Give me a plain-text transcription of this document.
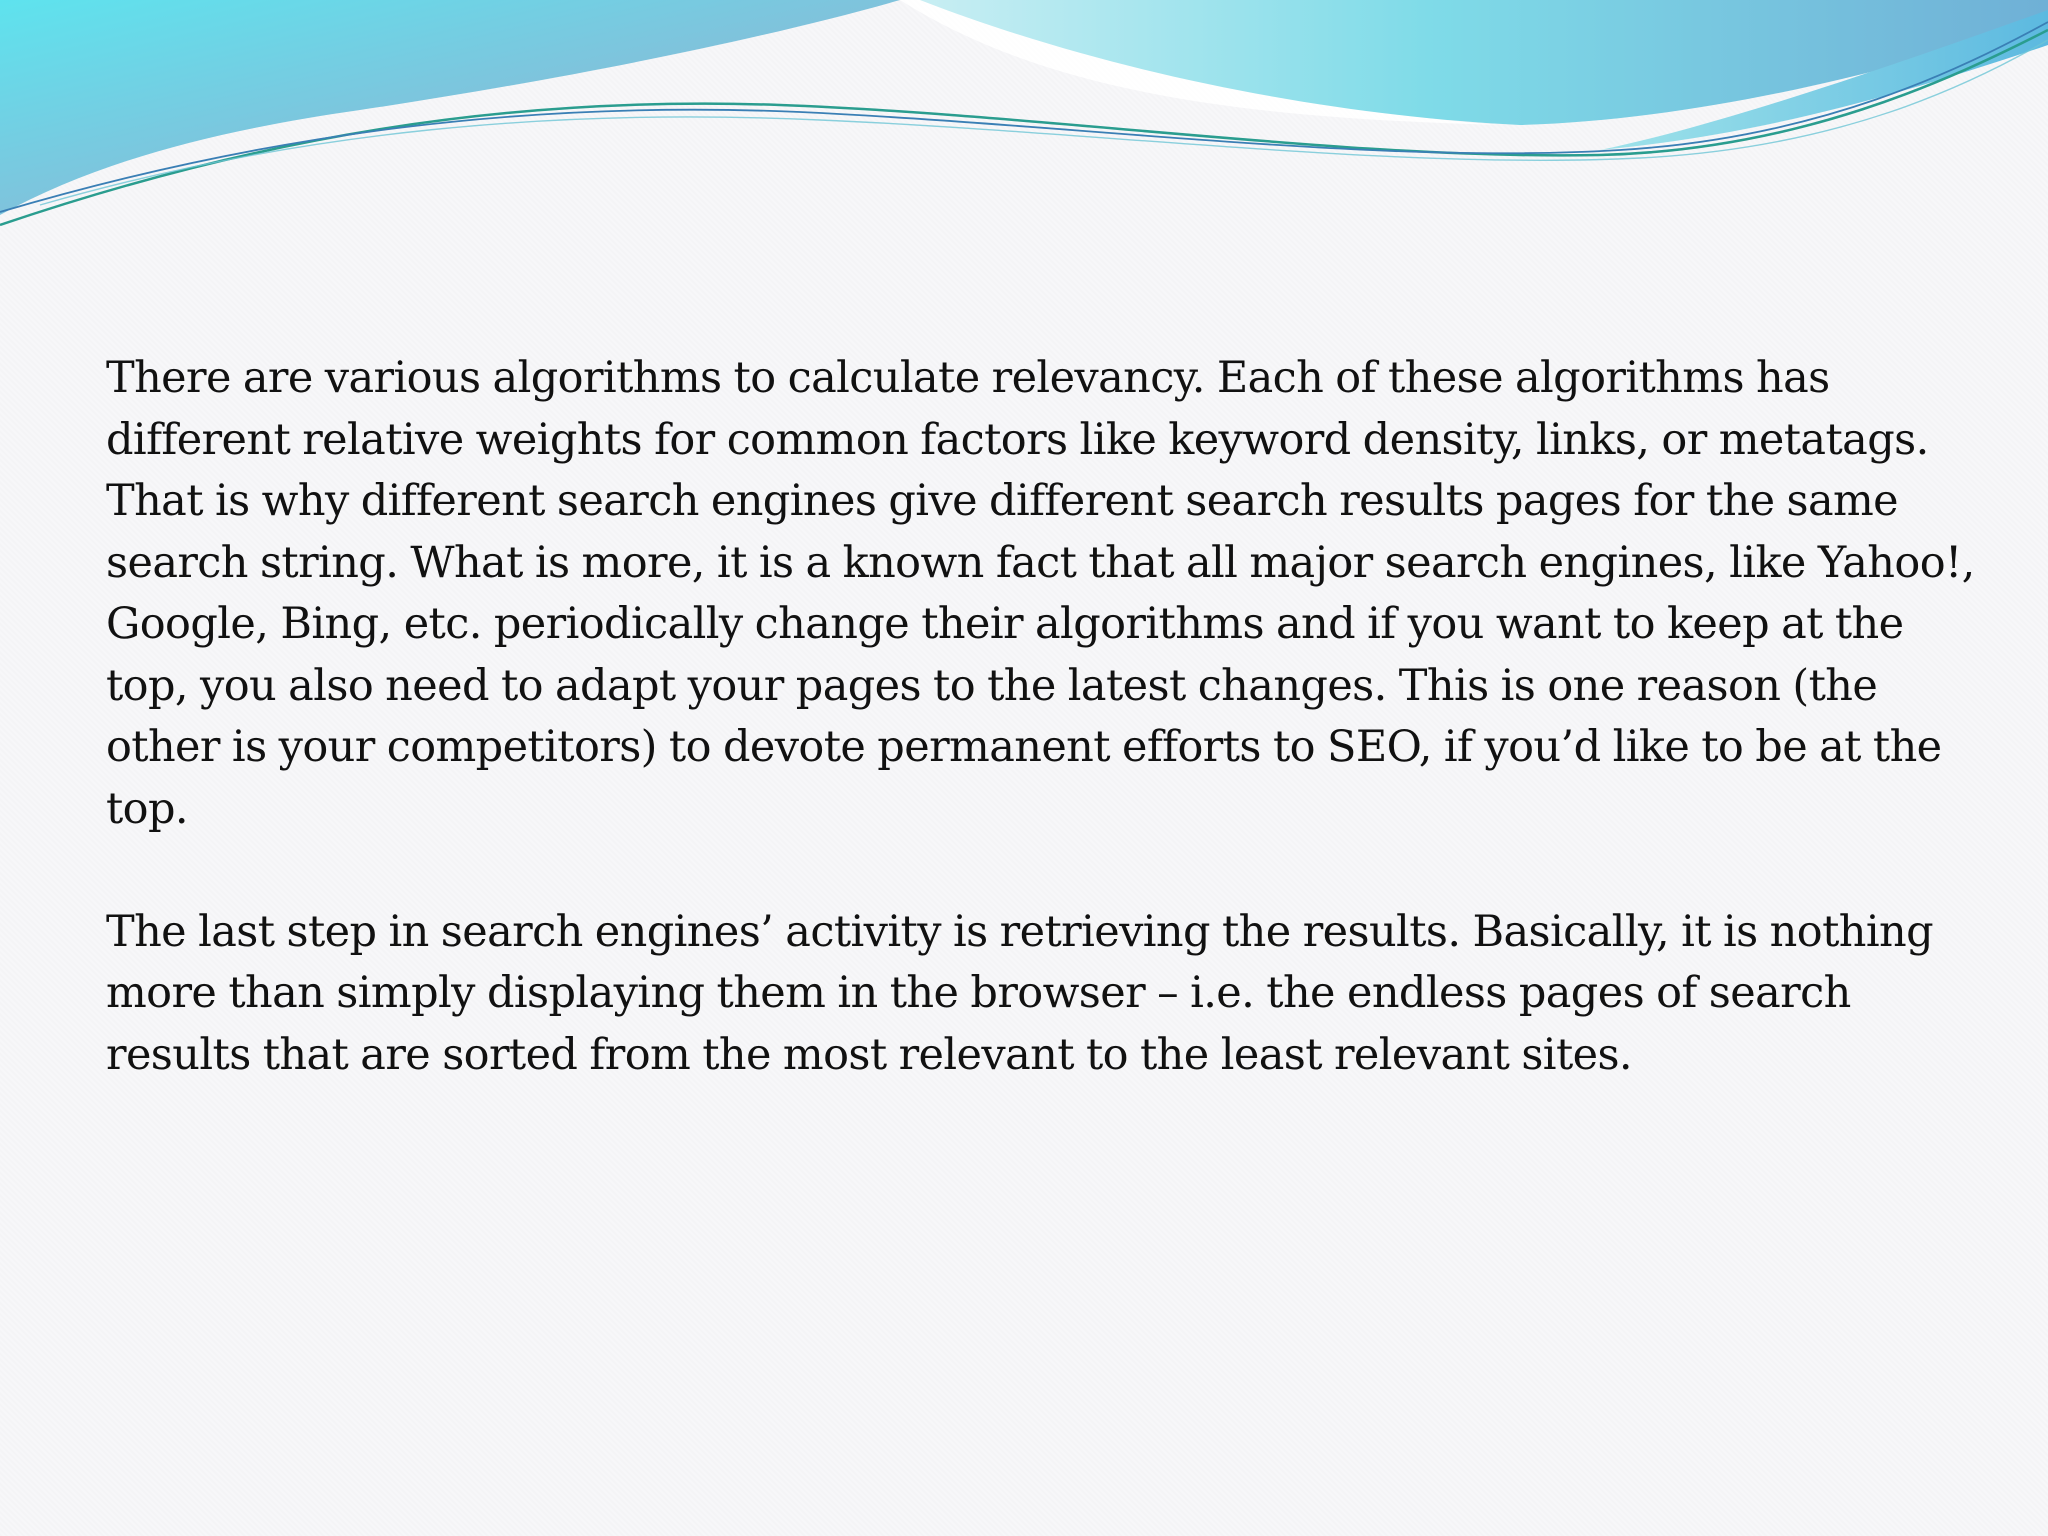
There are various algorithms to calculate relevancy. Each of these algorithms has different relative weights for common factors like keyword density, links, or metatags. That is why different search engines give different search results pages for the same search string. What is more, it is a known fact that all major search engines, like Yahoo!, Google, Bing, etc. periodically change their algorithms and if you want to keep at the top, you also need to adapt your pages to the latest changes. This is one reason (the other is your competitors) to devote permanent efforts to SEO, if you’d like to be at the top.

The last step in search engines’ activity is retrieving the results. Basically, it is nothing more than simply displaying them in the browser – i.e. the endless pages of search results that are sorted from the most relevant to the least relevant sites.
